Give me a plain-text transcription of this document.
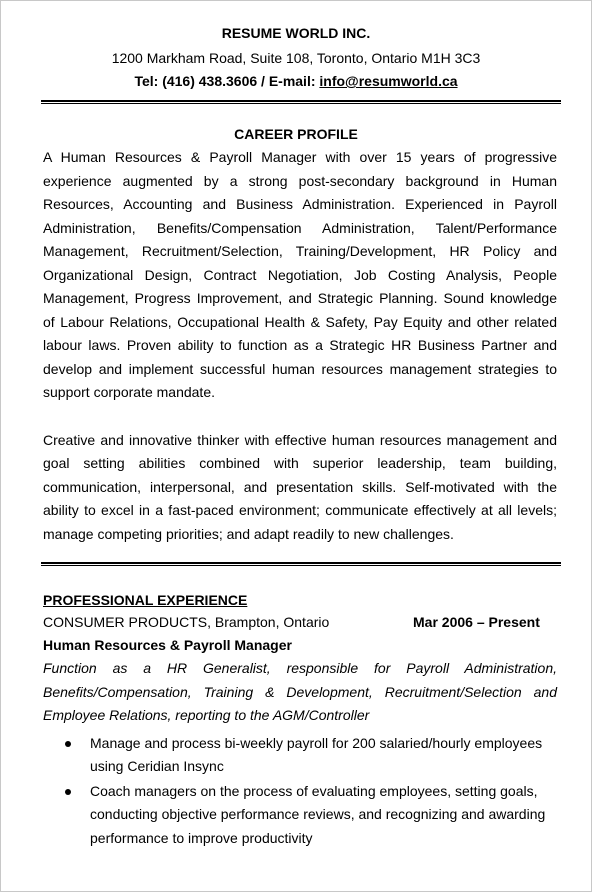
RESUME WORLD INC.
1200 Markham Road, Suite 108, Toronto, Ontario M1H 3C3
Tel: (416) 438.3606 / E-mail: info@resumworld.ca
CAREER PROFILE
A Human Resources & Payroll Manager with over 15 years of progressive experience augmented by a strong post-secondary background in Human Resources, Accounting and Business Administration. Experienced in Payroll Administration, Benefits/Compensation Administration, Talent/Performance Management, Recruitment/Selection, Training/Development, HR Policy and Organizational Design, Contract Negotiation, Job Costing Analysis, People Management, Progress Improvement, and Strategic Planning. Sound knowledge of Labour Relations, Occupational Health & Safety, Pay Equity and other related labour laws. Proven ability to function as a Strategic HR Business Partner and develop and implement successful human resources management strategies to support corporate mandate.
Creative and innovative thinker with effective human resources management and goal setting abilities combined with superior leadership, team building, communication, interpersonal, and presentation skills. Self-motivated with the ability to excel in a fast-paced environment; communicate effectively at all levels; manage competing priorities; and adapt readily to new challenges.
PROFESSIONAL EXPERIENCE
CONSUMER PRODUCTS, Brampton, Ontario	Mar 2006 – Present
Human Resources & Payroll Manager
Function as a HR Generalist, responsible for Payroll Administration, Benefits/Compensation, Training & Development, Recruitment/Selection and Employee Relations, reporting to the AGM/Controller
Manage and process bi-weekly payroll for 200 salaried/hourly employees using Ceridian Insync
Coach managers on the process of evaluating employees, setting goals, conducting objective performance reviews, and recognizing and awarding performance to improve productivity
